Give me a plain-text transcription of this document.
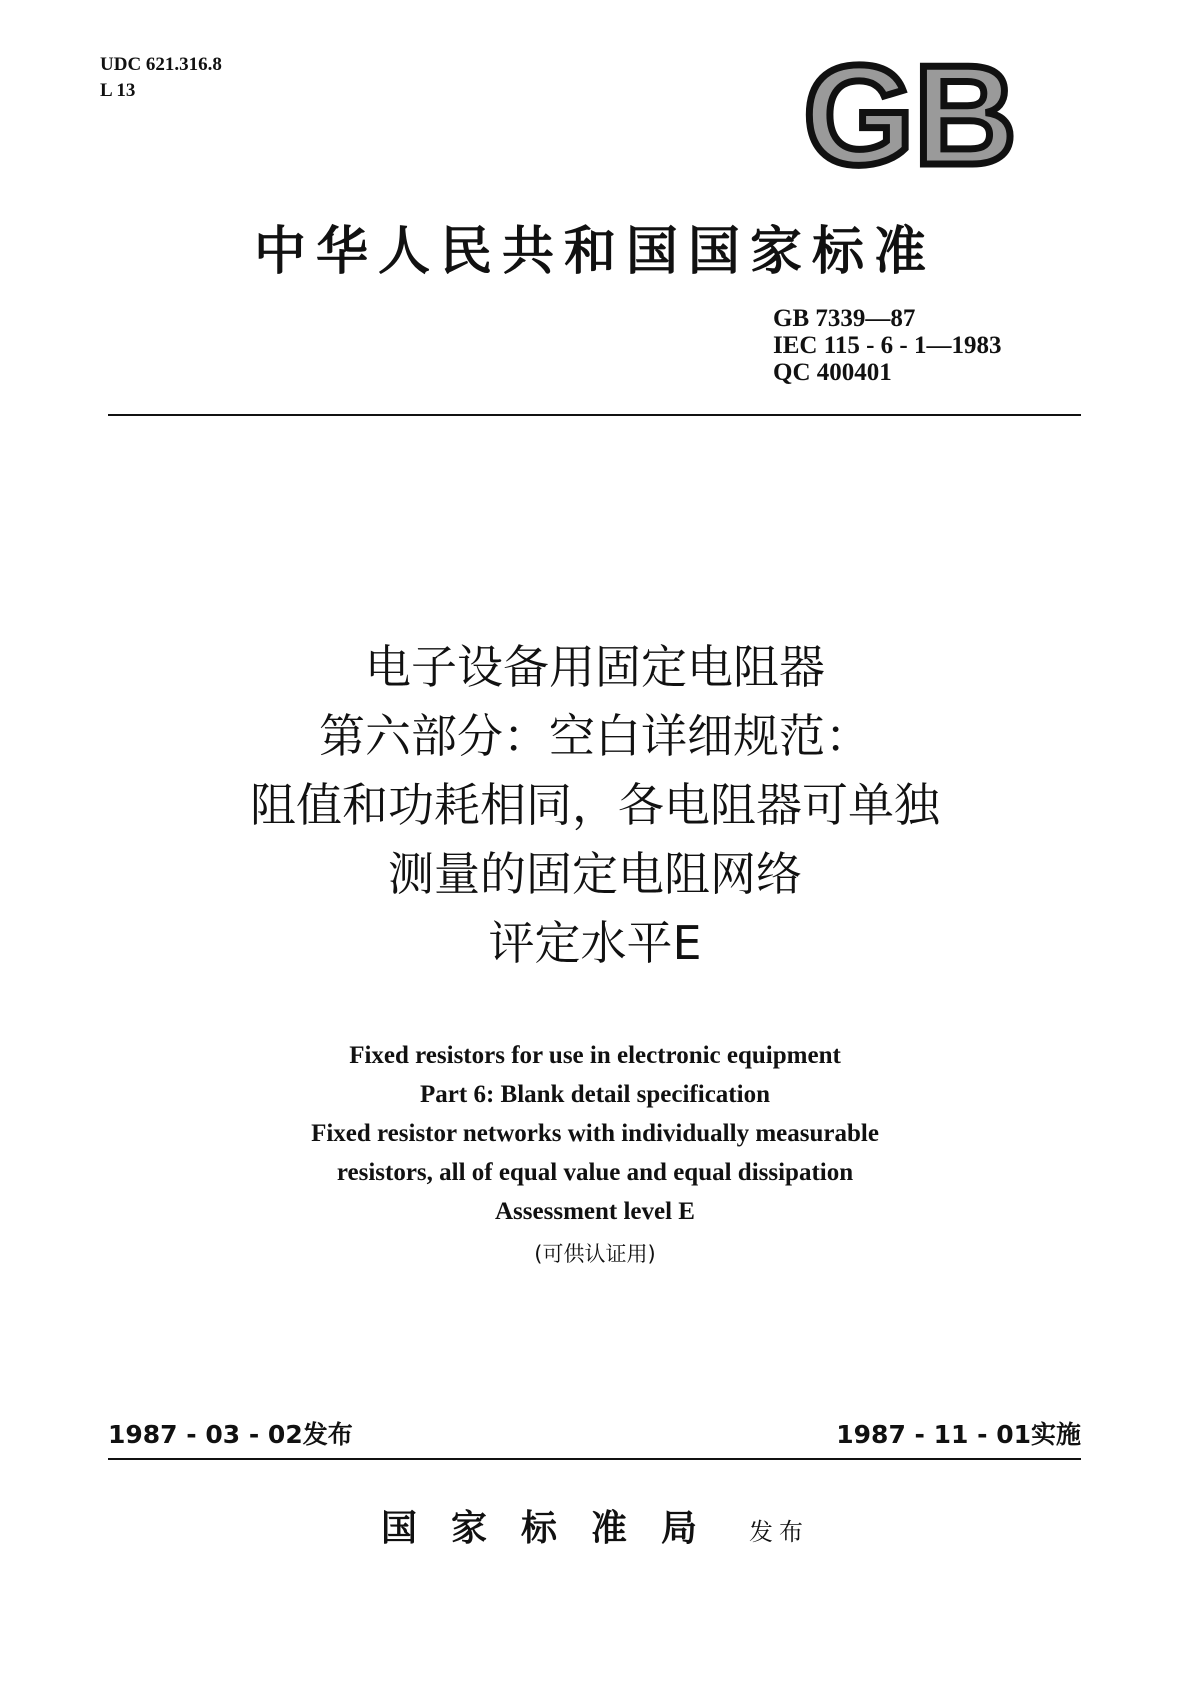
UDC 621.316.8
L 13	GB
中华人民共和国国家标准
GB 7339—87
IEC 115 - 6 - 1—1983
QC 400401
电子设备用固定电阻器
第六部分：空白详细规范：
阻值和功耗相同，各电阻器可单独
测量的固定电阻网络
评定水平E
Fixed resistors for use in electronic equipment
Part 6: Blank detail specification
Fixed resistor networks with individually measurable
resistors, all of equal value and equal dissipation
Assessment level E
(可供认证用)
1987 - 03 - 02发布	1987 - 11 - 01实施
国家标准局 发布
